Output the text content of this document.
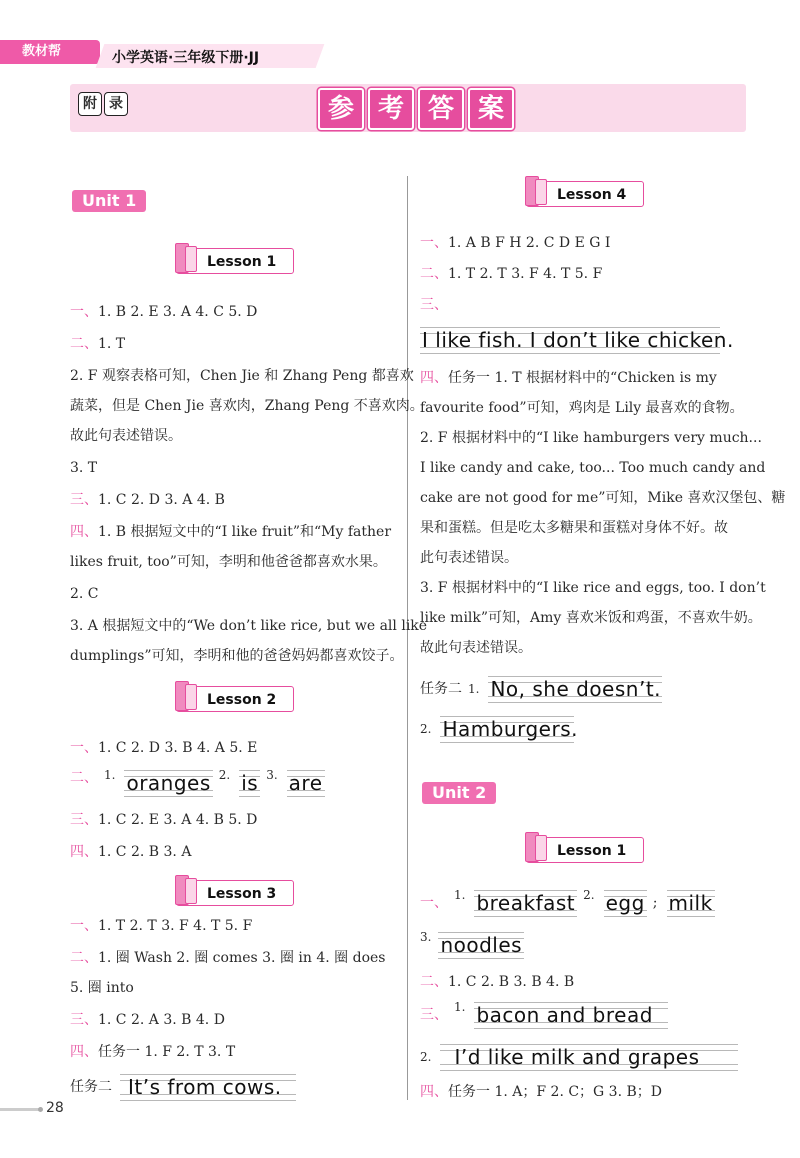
教材帮	小学英语·三年级下册·JJ
附 录	参 考 答 案
Unit 1
Lesson 1
一、1. B 2. E 3. A 4. C 5. D
二、1. T
2. F 观察表格可知，Chen Jie 和 Zhang Peng 都喜欢
蔬菜，但是 Chen Jie 喜欢肉，Zhang Peng 不喜欢肉。
故此句表述错误。
3. T
三、1. C 2. D 3. A 4. B
四、1. B 根据短文中的“I like fruit”和“My father
likes fruit, too”可知，李明和他爸爸都喜欢水果。
2. C
3. A 根据短文中的“We don’t like rice, but we all like
dumplings”可知，李明和他的爸爸妈妈都喜欢饺子。
Lesson 2
一、1. C 2. D 3. B 4. A 5. E
二、 1. oranges 2. is 3. are
三、1. C 2. E 3. A 4. B 5. D
四、1. C 2. B 3. A
Lesson 3
一、1. T 2. T 3. F 4. T 5. F
二、1. 圈 Wash 2. 圈 comes 3. 圈 in 4. 圈 does
5. 圈 into
三、1. C 2. A 3. B 4. D
四、任务一 1. F 2. T 3. T
任务二 It’s from cows.
Lesson 4
一、1. A B F H 2. C D E G I
二、1. T 2. T 3. F 4. T 5. F
三、
I like fish. I don’t like chicken.
四、任务一 1. T 根据材料中的“Chicken is my
favourite food”可知，鸡肉是 Lily 最喜欢的食物。
2. F 根据材料中的“I like hamburgers very much...
I like candy and cake, too... Too much candy and
cake are not good for me”可知，Mike 喜欢汉堡包、糖
果和蛋糕。但是吃太多糖果和蛋糕对身体不好。故
此句表述错误。
3. F 根据材料中的“I like rice and eggs, too. I don’t
like milk”可知，Amy 喜欢米饭和鸡蛋，不喜欢牛奶。
故此句表述错误。
任务二 1. No, she doesn’t.
2. Hamburgers.
Unit 2
Lesson 1
一、 1. breakfast 2. egg ; milk
3. noodles
二、1. C 2. B 3. B 4. B
三、 1. bacon and bread
2.	I’d like milk and grapes
四、任务一 1. A；F 2. C；G 3. B；D
28
